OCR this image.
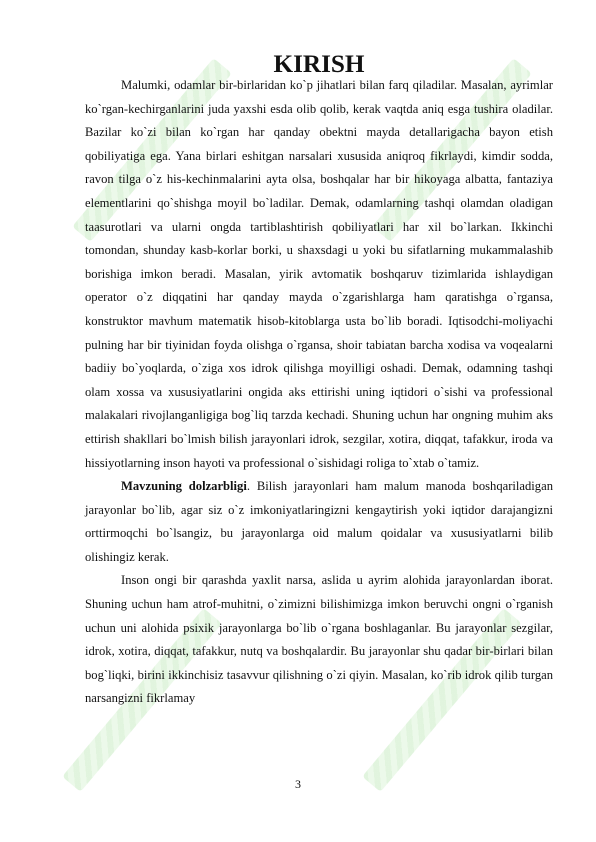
KIRISH

Malumki, odamlar bir-birlaridan ko`p jihatlari bilan farq qiladilar. Masalan, ayrimlar ko`rgan-kechirganlarini juda yaxshi esda olib qolib, kerak vaqtda aniq esga tushira oladilar. Bazilar ko`zi bilan ko`rgan har qanday obektni mayda detallarigacha bayon etish qobiliyatiga ega. Yana birlari eshitgan narsalari xususida aniqroq fikrlaydi, kimdir sodda, ravon tilga o`z his-kechinmalarini ayta olsa, boshqalar har bir hikoyaga albatta, fantaziya elementlarini qo`shishga moyil bo`ladilar. Demak, odamlarning tashqi olamdan oladigan taasurotlari va ularni ongda tartiblashtirish qobiliyatlari har xil bo`larkan. Ikkinchi tomondan, shunday kasb-korlar borki, u shaxsdagi u yoki bu sifatlarning mukammalashib borishiga imkon beradi. Masalan, yirik avtomatik boshqaruv tizimlarida ishlaydigan operator o`z diqqatini har qanday mayda o`zgarishlarga ham qaratishga o`rgansa, konstruktor mavhum matematik hisob-kitoblarga usta bo`lib boradi. Iqtisodchi-moliyachi pulning har bir tiyinidan foyda olishga o`rgansa, shoir tabiatan barcha xodisa va voqealarni badiiy bo`yoqlarda, o`ziga xos idrok qilishga moyilligi oshadi. Demak, odamning tashqi olam xossa va xususiyatlarini ongida aks ettirishi uning iqtidori o`sishi va professional malakalari rivojlanganligiga bog`liq tarzda kechadi. Shuning uchun har ongning muhim aks ettirish shakllari bo`lmish bilish jarayonlari idrok, sezgilar, xotira, diqqat, tafakkur, iroda va hissiyotlarning inson hayoti va professional o`sishidagi roliga to`xtab o`tamiz.

Mavzuning dolzarbligi. Bilish jarayonlari ham malum manoda boshqariladigan jarayonlar bo`lib, agar siz o`z imkoniyatlaringizni kengaytirish yoki iqtidor darajangizni orttirmoqchi bo`lsangiz, bu jarayonlarga oid malum qoidalar va xususiyatlarni bilib olishingiz kerak.

Inson ongi bir qarashda yaxlit narsa, aslida u ayrim alohida jarayonlardan iborat. Shuning uchun ham atrof-muhitni, o`zimizni bilishimizga imkon beruvchi ongni o`rganish uchun uni alohida psixik jarayonlarga bo`lib o`rgana boshlaganlar. Bu jarayonlar sezgilar, idrok, xotira, diqqat, tafakkur, nutq va boshqalardir. Bu jarayonlar shu qadar bir-birlari bilan bog`liqki, birini ikkinchisiz tasavvur qilishning o`zi qiyin. Masalan, ko`rib idrok qilib turgan narsangizni fikrlamay

3
